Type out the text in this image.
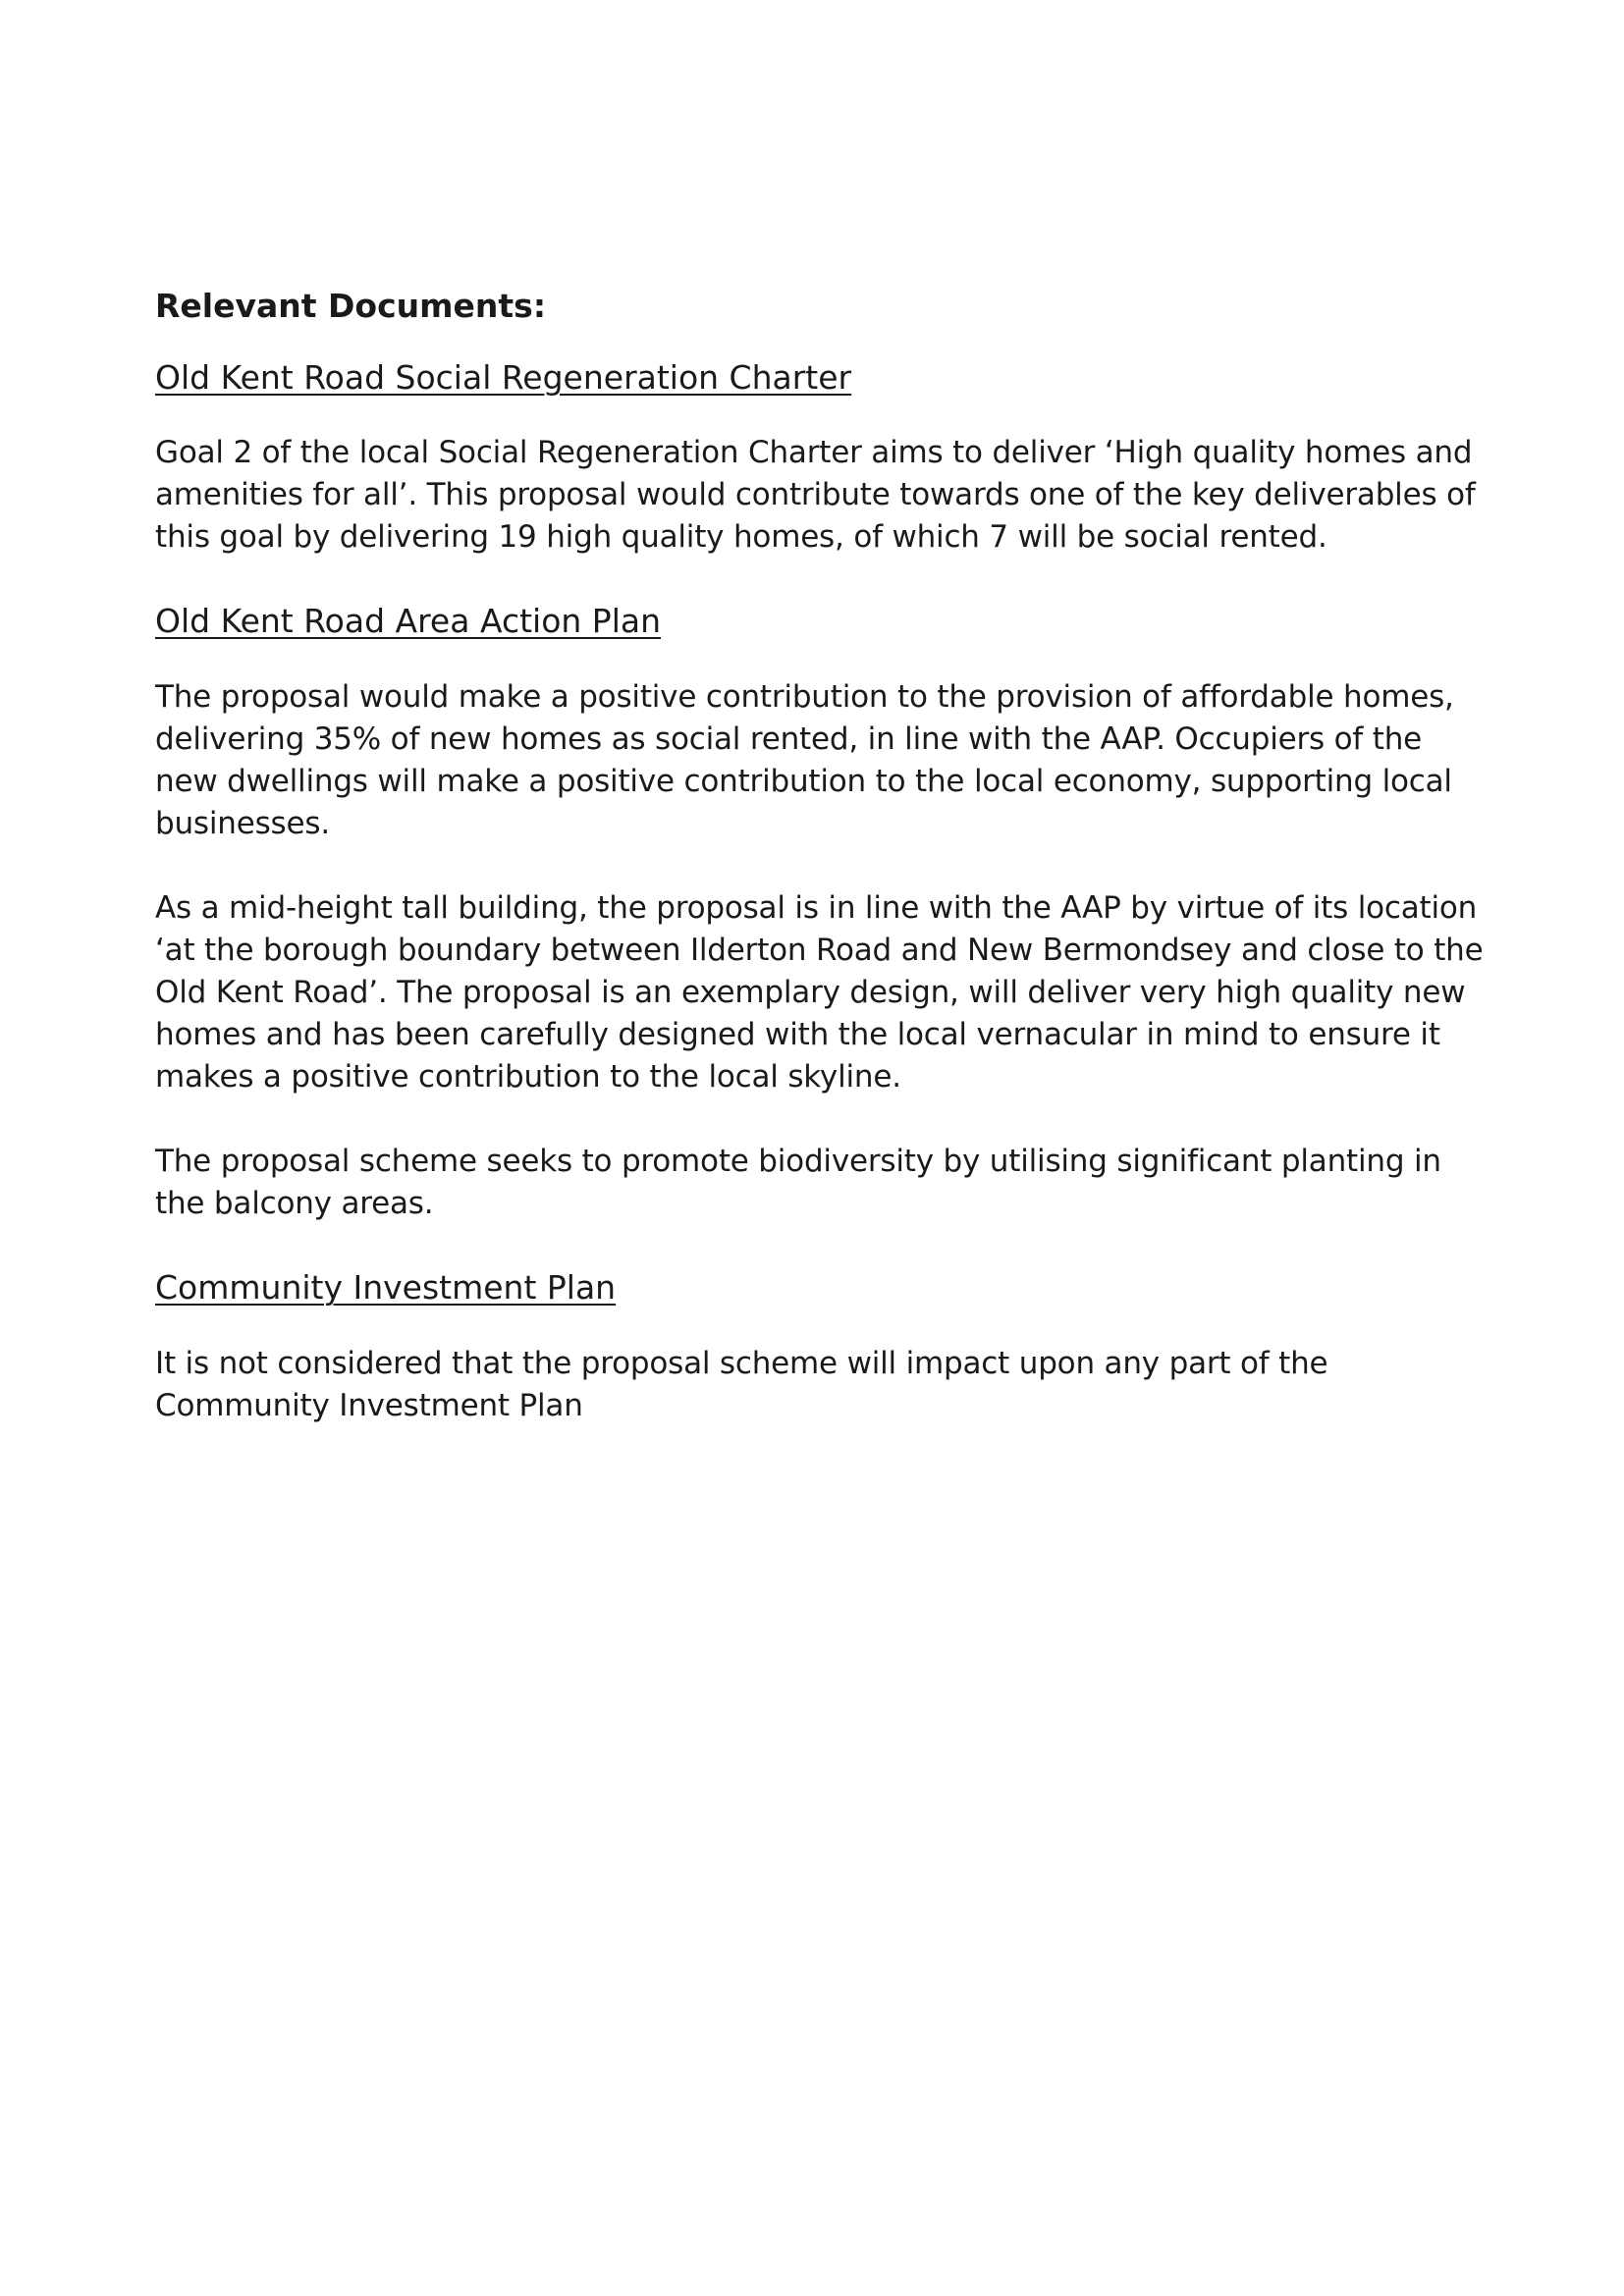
Relevant Documents:
Old Kent Road Social Regeneration Charter

Goal 2 of the local Social Regeneration Charter aims to deliver ‘High quality homes and amenities for all’. This proposal would contribute towards one of the key deliverables of this goal by delivering 19 high quality homes, of which 7 will be social rented.

Old Kent Road Area Action Plan

The proposal would make a positive contribution to the provision of affordable homes, delivering 35% of new homes as social rented, in line with the AAP. Occupiers of the new dwellings will make a positive contribution to the local economy, supporting local businesses.

As a mid-height tall building, the proposal is in line with the AAP by virtue of its location ‘at the borough boundary between Ilderton Road and New Bermondsey and close to the Old Kent Road’. The proposal is an exemplary design, will deliver very high quality new homes and has been carefully designed with the local vernacular in mind to ensure it makes a positive contribution to the local skyline.

The proposal scheme seeks to promote biodiversity by utilising significant planting in the balcony areas.

Community Investment Plan

It is not considered that the proposal scheme will impact upon any part of the Community Investment Plan
